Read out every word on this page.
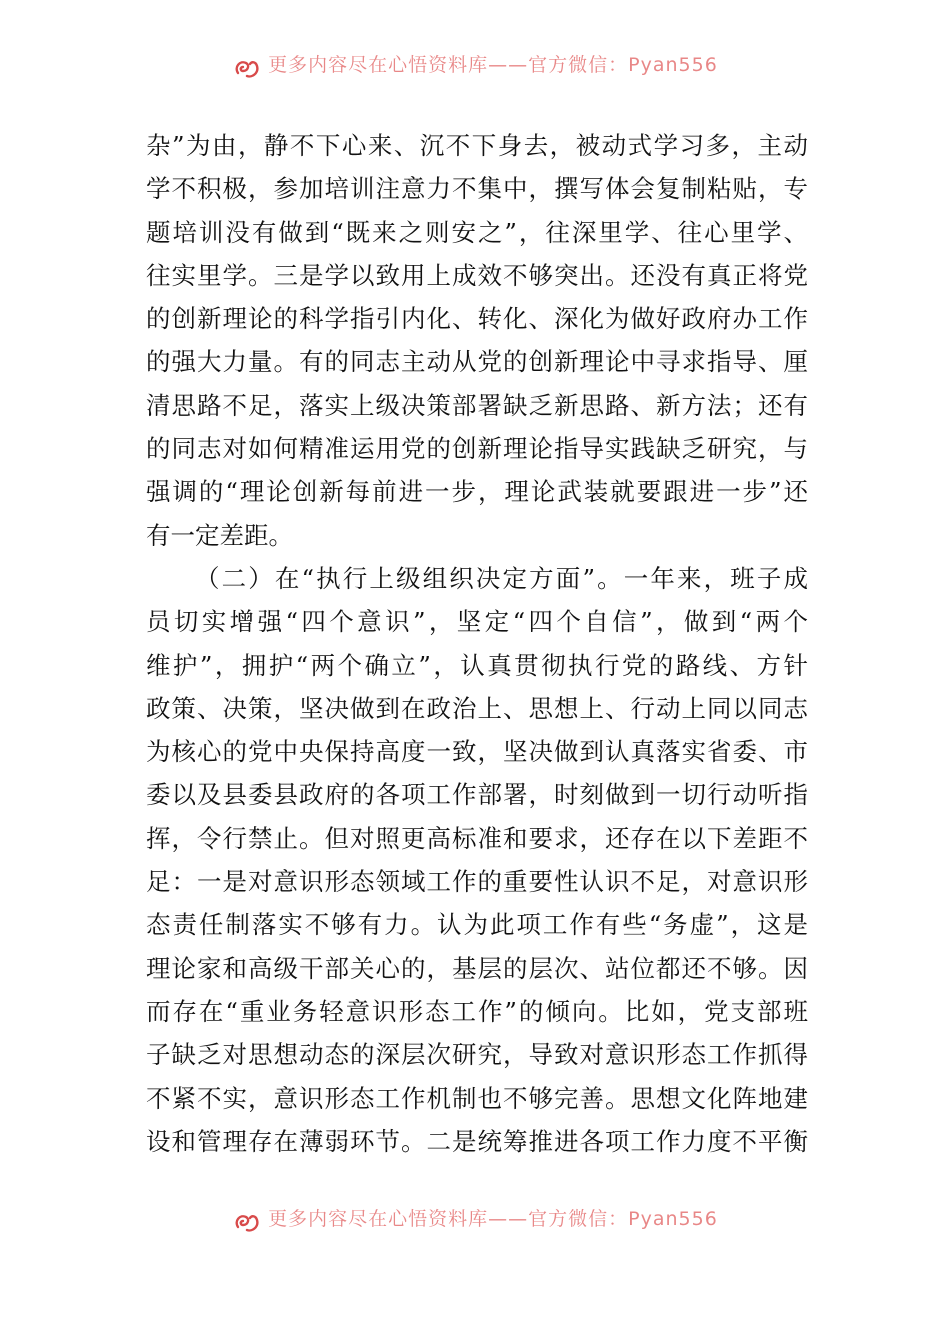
更多内容尽在心悟资料库——官方微信：Pyan556
杂”为由，静不下心来、沉不下身去，被动式学习多，主动
学不积极，参加培训注意力不集中，撰写体会复制粘贴，专
题培训没有做到“既来之则安之”，往深里学、往心里学、
往实里学。三是学以致用上成效不够突出。还没有真正将党
的创新理论的科学指引内化、转化、深化为做好政府办工作
的强大力量。有的同志主动从党的创新理论中寻求指导、厘
清思路不足，落实上级决策部署缺乏新思路、新方法；还有
的同志对如何精准运用党的创新理论指导实践缺乏研究，与
强调的“理论创新每前进一步，理论武装就要跟进一步”还
有一定差距。
（二）在“执行上级组织决定方面”。一年来，班子成
员切实增强“四个意识”，坚定“四个自信”，做到“两个
维护”，拥护“两个确立”，认真贯彻执行党的路线、方针
政策、决策，坚决做到在政治上、思想上、行动上同以同志
为核心的党中央保持高度一致，坚决做到认真落实省委、市
委以及县委县政府的各项工作部署，时刻做到一切行动听指
挥，令行禁止。但对照更高标准和要求，还存在以下差距不
足：一是对意识形态领域工作的重要性认识不足，对意识形
态责任制落实不够有力。认为此项工作有些“务虚”，这是
理论家和高级干部关心的，基层的层次、站位都还不够。因
而存在“重业务轻意识形态工作”的倾向。比如，党支部班
子缺乏对思想动态的深层次研究，导致对意识形态工作抓得
不紧不实，意识形态工作机制也不够完善。思想文化阵地建
设和管理存在薄弱环节。二是统筹推进各项工作力度不平衡
更多内容尽在心悟资料库——官方微信：Pyan556
